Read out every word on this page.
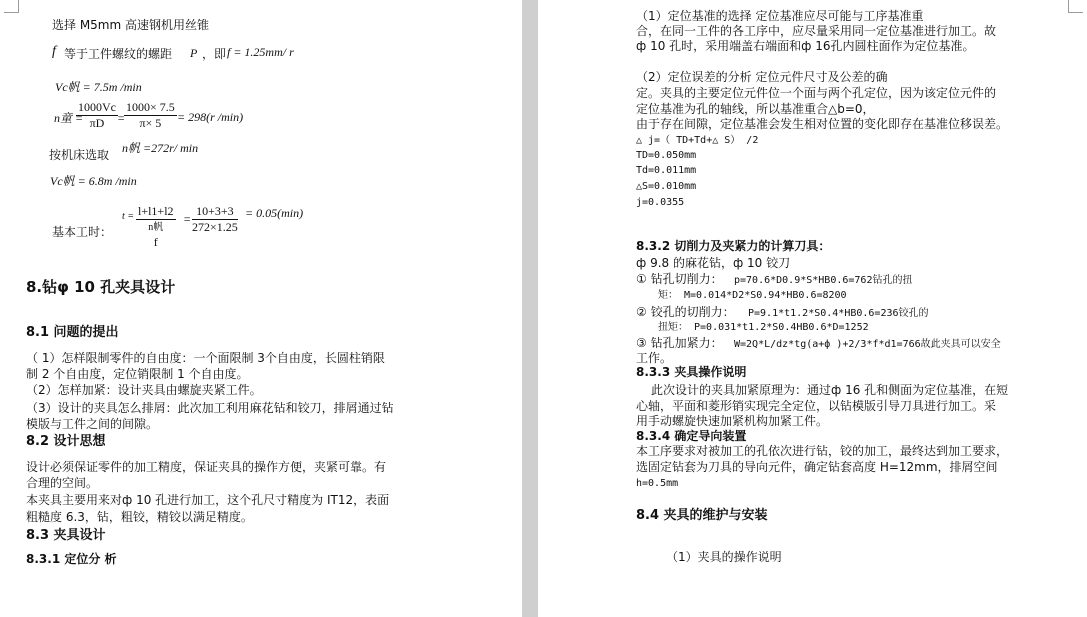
选择 M5mm 高速钢机用丝锥
f 等于工件螺纹的螺距 P ，即 f = 1.25mm/ r
Vc帆 = 7.5m /min
n童 =
$\frac{1000Vc}{\pi D}$ =
$\frac{1000\times 7.5}{\pi\times 5} = 298(r$ /min)
按机床选取 n帆 =272r/ min
Vc帆 = 6.8m /min
基本工时：
t = l+l1+l2
n帆
f
= $\frac{10+3+3}{272\times 1.25} = 0.05(\min)$
8.钻φ 10 孔夹具设计
8.1 问题的提出
（ 1）怎样限制零件的自由度：一个面限制 3个自由度，长圆柱销限
制 2 个自由度，定位销限制 1 个自由度。
（2）怎样加紧：设计夹具由螺旋夹紧工件。
（3）设计的夹具怎么排屑：此次加工利用麻花钻和铰刀，排屑通过钻
模版与工件之间的间隙。
8.2 设计思想
设计必须保证零件的加工精度，保证夹具的操作方便，夹紧可靠。有
合理的空间。
本夹具主要用来对ф 10 孔进行加工，这个孔尺寸精度为 IT12，表面
粗糙度 6.3，钻，粗铰，精铰以满足精度。
8.3 夹具设计
8.3.1 定位分 析
（1）定位基准的选择 定位基准应尽可能与工序基准重
合，在同一工件的各工序中，应尽量采用同一定位基准进行加工。故
ф 10 孔时，采用端盖右端面和ф 16孔内圆柱面作为定位基准。
（2）定位误差的分析 定位元件尺寸及公差的确
定。夹具的主要定位元件位一个面与两个孔定位，因为该定位元件的
定位基准为孔的轴线，所以基准重合△b=0，
由于存在间隙，定位基准会发生相对位置的变化即存在基准位移误差。
△ j=（ TD+Td+△ S） /2
TD=0.050mm
Td=0.011mm
△S=0.010mm
j=0.0355
8.3.2 切削力及夹紧力的计算刀具：
ф 9.8 的麻花钻，ф 10 铰刀
① 钻孔切削力： p=70.6*D0.9*S*HB0.6=762钻孔的扭
矩： M=0.014*D2*S0.94*HB0.6=8200
② 铰孔的切削力： P=9.1*t1.2*S0.4*HB0.6=236铰孔的
扭矩： P=0.031*t1.2*S0.4HB0.6*D=1252
③ 钻孔加紧力： W=2Q*L/dz*tg(a+ф )+2/3*f*d1=766故此夹具可以安全
工作。
8.3.3 夹具操作说明
此次设计的夹具加紧原理为：通过ф 16 孔和侧面为定位基准，在短
心轴，平面和菱形销实现完全定位，以钻模版引导刀具进行加工。采
用手动螺旋快速加紧机构加紧工件。
8.3.4 确定导向装置
本工序要求对被加工的孔依次进行钻，铰的加工，最终达到加工要求，
选固定钻套为刀具的导向元件，确定钻套高度 H=12mm，排屑空间
h=0.5mm
8.4 夹具的维护与安装
（1）夹具的操作说明
